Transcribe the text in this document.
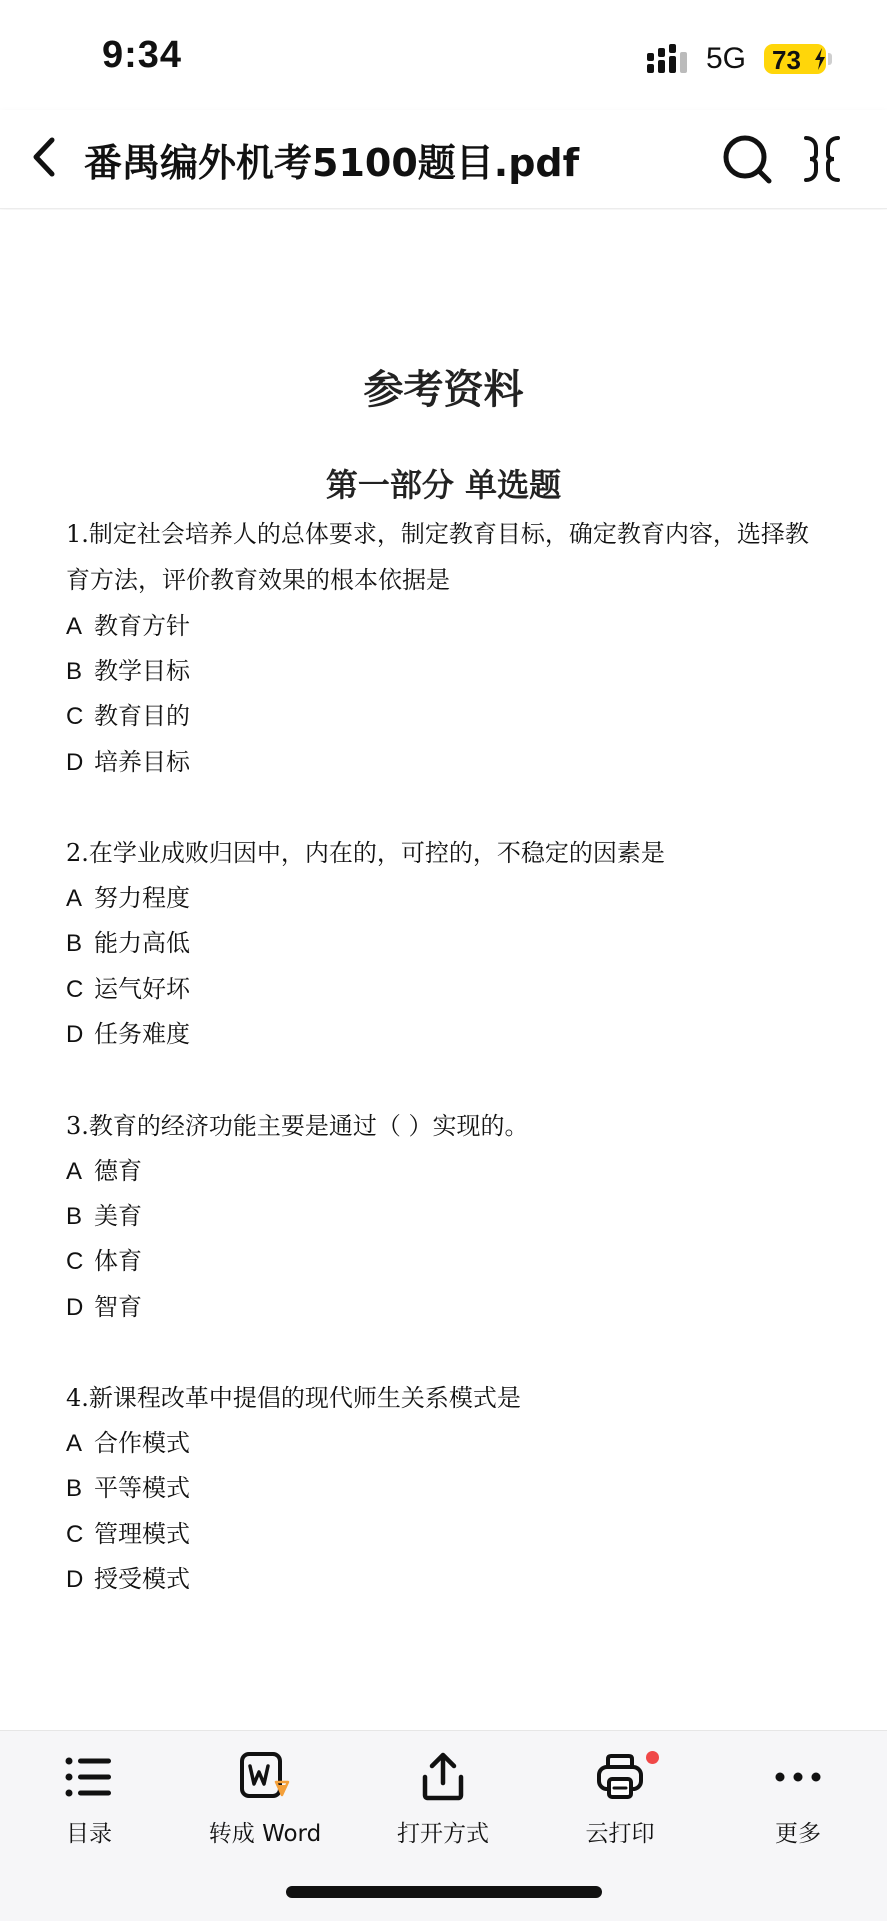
9:34	5G 73
番禺编外机考5100题目.pdf
参考资料
第一部分 单选题
1.制定社会培养人的总体要求，制定教育目标，确定教育内容，选择教
育方法，评价教育效果的根本依据是
A 教育方针
B 教学目标
C 教育目的
D 培养目标
2.在学业成败归因中，内在的，可控的，不稳定的因素是
A 努力程度
B 能力高低
C 运气好坏
D 任务难度
3.教育的经济功能主要是通过（ ）实现的。
A 德育
B 美育
C 体育
D 智育
4.新课程改革中提倡的现代师生关系模式是
A 合作模式
B 平等模式
C 管理模式
D 授受模式
目录	转成 Word	打开方式	云打印	更多
